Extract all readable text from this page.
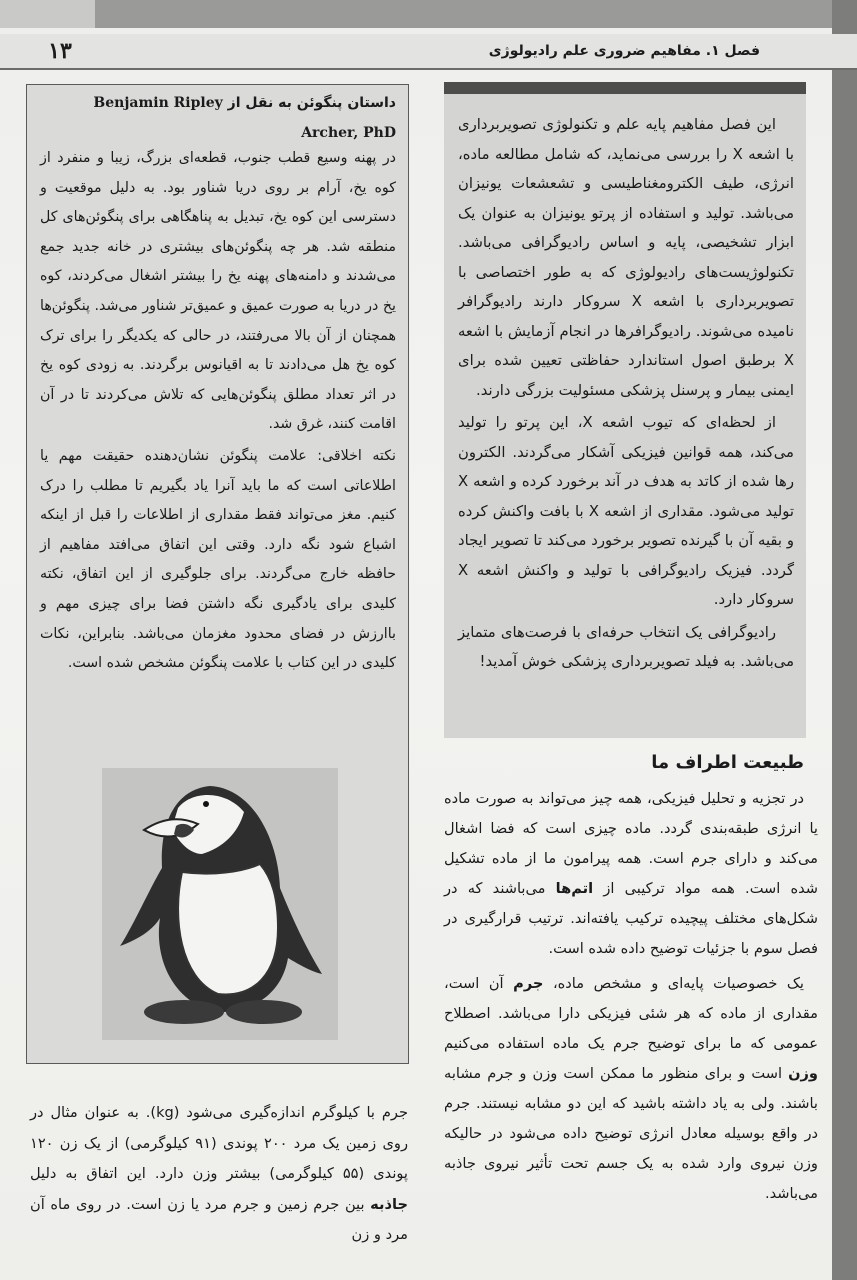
۱۳	فصل ۱. مفاهیم ضروری علم رادیولوژی

این فصل مفاهیم پایه علم و تکنولوژی تصویربرداری با اشعه X را بررسی می‌نماید، که شامل مطالعه ماده، انرژی، طیف الکترومغناطیسی و تشعشعات یونیزان می‌باشد. تولید و استفاده از پرتو یونیزان به عنوان یک ابزار تشخیصی، پایه و اساس رادیوگرافی می‌باشد. تکنولوژیست‌های رادیولوژی که به طور اختصاصی با تصویربرداری با اشعه X سروکار دارند رادیوگرافر نامیده می‌شوند. رادیوگرافرها در انجام آزمایش با اشعه X برطبق اصول استاندارد حفاظتی تعیین شده برای ایمنی بیمار و پرسنل پزشکی مسئولیت بزرگی دارند.

از لحظه‌ای که تیوب اشعه X، این پرتو را تولید می‌کند، همه قوانین فیزیکی آشکار می‌گردند. الکترون رها شده از کاتد به هدف در آند برخورد کرده و اشعه X تولید می‌شود. مقداری از اشعه X با بافت واکنش کرده و بقیه آن با گیرنده تصویر برخورد می‌کند تا تصویر ایجاد گردد. فیزیک رادیوگرافی با تولید و واکنش اشعه X سروکار دارد.

رادیوگرافی یک انتخاب حرفه‌ای با فرصت‌های متمایز می‌باشد. به فیلد تصویربرداری پزشکی خوش آمدید!

طبیعت اطراف ما

در تجزیه و تحلیل فیزیکی، همه چیز می‌تواند به صورت ماده یا انرژی طبقه‌بندی گردد. ماده چیزی است که فضا اشغال می‌کند و دارای جرم است. همه پیرامون ما از ماده تشکیل شده است. همه مواد ترکیبی از اتم‌ها می‌باشند که در شکل‌های مختلف پیچیده ترکیب یافته‌اند. ترتیب قرارگیری در فصل سوم با جزئیات توضیح داده شده است.

یک خصوصیات پایه‌ای و مشخص ماده، جرم آن است، مقداری از ماده که هر شئی فیزیکی دارا می‌باشد. اصطلاح عمومی که ما برای توضیح جرم یک ماده استفاده می‌کنیم وزن است و برای منظور ما ممکن است وزن و جرم مشابه باشند. ولی به یاد داشته باشید که این دو مشابه نیستند. جرم در واقع بوسیله معادل انرژی توضیح داده می‌شود در حالیکه وزن نیروی وارد شده به یک جسم تحت تأثیر نیروی جاذبه می‌باشد.

داستان پنگوئن به نقل از Benjamin Ripley Archer, PhD

در پهنه وسیع قطب جنوب، قطعه‌ای بزرگ، زیبا و منفرد از کوه یخ، آرام بر روی دریا شناور بود. به دلیل موقعیت و دسترسی این کوه یخ، تبدیل به پناهگاهی برای پنگوئن‌های کل منطقه شد. هر چه پنگوئن‌های بیشتری در خانه جدید جمع می‌شدند و دامنه‌های پهنه یخ را بیشتر اشغال می‌کردند، کوه یخ در دریا به صورت عمیق و عمیق‌تر شناور می‌شد. پنگوئن‌ها همچنان از آن بالا می‌رفتند، در حالی که یکدیگر را برای ترک کوه یخ هل می‌دادند تا به اقیانوس برگردند. به زودی کوه یخ در اثر تعداد مطلق پنگوئن‌هایی که تلاش می‌کردند تا در آن اقامت کنند، غرق شد.

نکته اخلاقی: علامت پنگوئن نشان‌دهنده حقیقت مهم یا اطلاعاتی است که ما باید آنرا یاد بگیریم تا مطلب را درک کنیم. مغز می‌تواند فقط مقداری از اطلاعات را قبل از اینکه اشباع شود نگه دارد. وقتی این اتفاق می‌افتد مفاهیم از حافظه خارج می‌گردند. برای جلوگیری از این اتفاق، نکته کلیدی برای یادگیری نگه داشتن فضا برای چیزی مهم و باارزش در فضای محدود مغزمان می‌باشد. بنابراین، نکات کلیدی در این کتاب با علامت پنگوئن مشخص شده است.

جرم با کیلوگرم اندازه‌گیری می‌شود (kg). به عنوان مثال در روی زمین یک مرد ۲۰۰ پوندی (۹۱ کیلوگرمی) از یک زن ۱۲۰ پوندی (۵۵ کیلوگرمی) بیشتر وزن دارد. این اتفاق به دلیل جاذبه بین جرم زمین و جرم مرد یا زن است. در روی ماه آن مرد و زن
